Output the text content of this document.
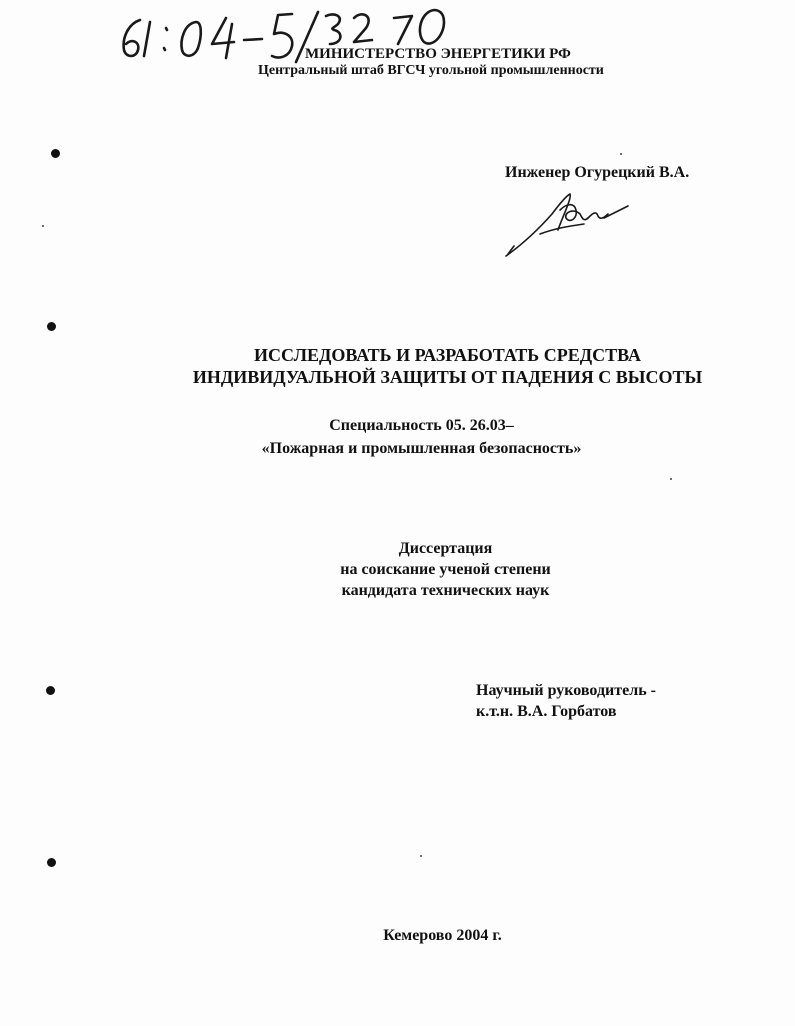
МИНИСТЕРСТВО ЭНЕРГЕТИКИ РФ
Центральный штаб ВГСЧ угольной промышленности
Инженер Огурецкий В.А.
ИССЛЕДОВАТЬ И РАЗРАБОТАТЬ СРЕДСТВА
ИНДИВИДУАЛЬНОЙ ЗАЩИТЫ ОТ ПАДЕНИЯ С ВЫСОТЫ
Специальность 05. 26.03–
«Пожарная и промышленная безопасность»
Диссертация
на соискание ученой степени
кандидата технических наук
Научный руководитель -
к.т.н. В.А. Горбатов
Кемерово 2004 г.
